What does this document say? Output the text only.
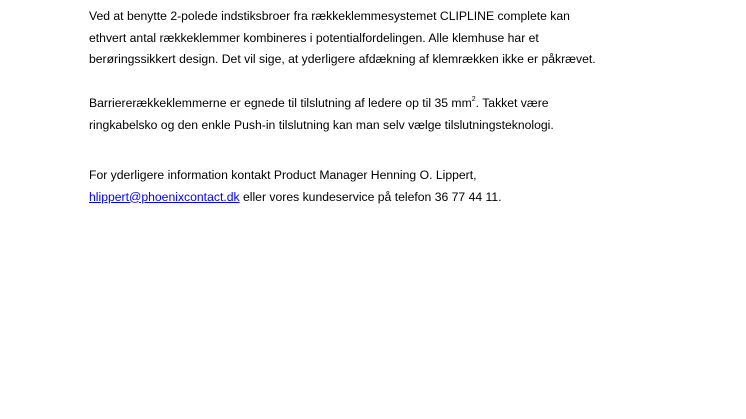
Ved at benytte 2-polede indstiksbroer fra rækkeklemmesystemet CLIPLINE complete kan
ethvert antal rækkeklemmer kombineres i potentialfordelingen. Alle klemhuse har et
berøringssikkert design. Det vil sige, at yderligere afdækning af klemrækken ikke er påkrævet.

Barriererækkeklemmerne er egnede til tilslutning af ledere op til 35 $mm^2$. Takket være
ringkabelsko og den enkle Push-in tilslutning kan man selv vælge tilslutningsteknologi.

For yderligere information kontakt Product Manager Henning O. Lippert,
hlippert@phoenixcontact.dk eller vores kundeservice på telefon 36 77 44 11.
